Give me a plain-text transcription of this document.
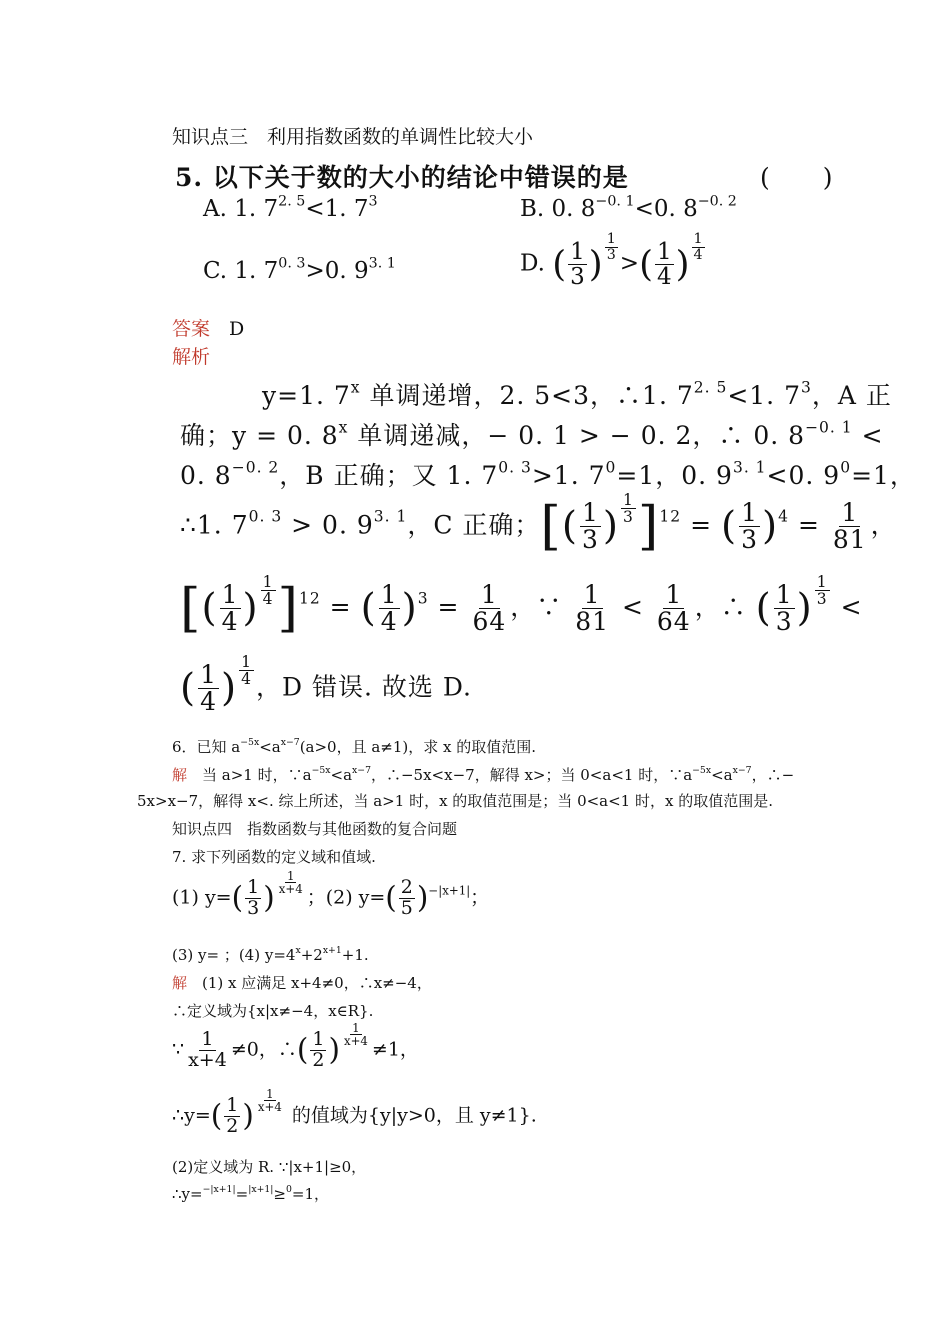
知识点三　利用指数函数的单调性比较大小
5. 以下关于数的大小的结论中错误的是	(　　)
A. 1. $7^{2. 5}<1$. $7^3$	B. 0. $8^{-0. 1}<0$. $8^{-0. 2}$
C. 1. $7^{0. 3}>0$. $9^{3. 1}$	D. ( $\frac{1}{3}$ ) $\frac{1}{3}$
>( $\frac{1}{4}$ ) $\frac{1}{4}$
答案　 D
解析
y=1. 7$^x$ 单调递增，2. 5<3，∴1. $7^{2. 5}<1$. $7^3$，A 正
确；y = 0. 8$^x$ 单调递减，− 0. 1 > − 0. 2，∴ 0. $8^{-0. 1}$ <
0. $8^{-0. 2}$，B 正确；又 1. $7^{0. 3}>1$. $7^0=1$，0. $9^{3. 1}<0$. $9^0=1$，
∴1. $7^{0. 3} > 0$. $9^{3. 1}$，C 正确；[( $\frac{1}{3}$ ) $\frac{1}{3} ]^{12}$ = ( $\frac{1}{3} )^4 = \frac{1}{81}$ ，
[( $\frac{1}{4}$ ) $\frac{1}{4} ]^{12}$ = ( $\frac{1}{4} )^3 = \frac{1}{64}$ ，∵ $\frac{1}{81} < \frac{1}{64}$ ，∴ ( $\frac{1}{3}$ ) $\frac{1}{3}$ <
( $\frac{1}{4}$ ) $\frac{1}{4}$ ，D 错误. 故选 D.
6．已知 $a^{-5x}<a^{x-7}(a>0$，且 a≠1)，求 x 的取值范围.
解　当 a>1 时，$\because a^{-5x}<a^{x-7}$，∴−5x<x−7，解得 x>；当 0<a<1 时，$\because a^{-5x}<a^{x-7}$，∴−
5x>x−7，解得 x<. 综上所述，当 a>1 时，x 的取值范围是；当 0<a<1 时，x 的取值范围是.
知识点四　指数函数与其他函数的复合问题
7. 求下列函数的定义域和值域.
(1) $y=( \frac{1}{3}$ ) $\frac{1}{x+4}$
；(2) $y=( \frac{2}{5} )^{-|x+1|}$；
(3) y= ；(4) $y=4^x+2^{x+1}+1$.
解　(1) x 应满足 x+4≠0，∴x≠−4，
∴定义域为{x|x≠−4，x∈R}.
∵ $\frac{1}{x+4} \ne 0$，∴( $\frac{1}{2}$ ) $\frac{1}{x+4}$
≠1，
∴y=( $\frac{1}{2}$ ) $\frac{1}{x+4}$
的值域为{y|y>0，且 y≠1}.
(2)定义域为 R. ∵|x+1|≥0，
∴y=$^{-|x+1|}$=$^{|x+1|}$≥$^0$=1，
